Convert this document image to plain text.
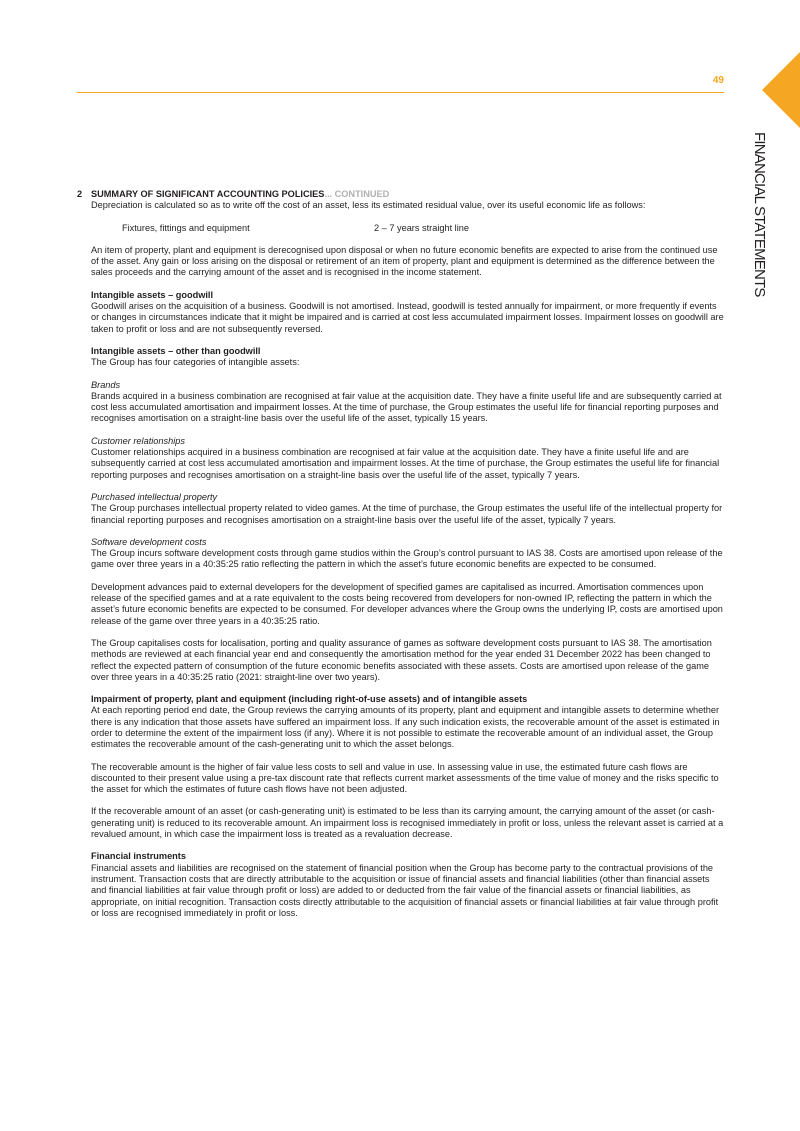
49
FINANCIAL STATEMENTS
2 SUMMARY OF SIGNIFICANT ACCOUNTING POLICIES... CONTINUED

Depreciation is calculated so as to write off the cost of an asset, less its estimated residual value, over its useful economic life as follows:

Fixtures, fittings and equipment	2 – 7 years straight line

An item of property, plant and equipment is derecognised upon disposal or when no future economic benefits are expected to arise from the continued use of the asset. Any gain or loss arising on the disposal or retirement of an item of property, plant and equipment is determined as the difference between the sales proceeds and the carrying amount of the asset and is recognised in the income statement.

Intangible assets – goodwill

Goodwill arises on the acquisition of a business. Goodwill is not amortised. Instead, goodwill is tested annually for impairment, or more frequently if events or changes in circumstances indicate that it might be impaired and is carried at cost less accumulated impairment losses. Impairment losses on goodwill are taken to profit or loss and are not subsequently reversed.

Intangible assets – other than goodwill

The Group has four categories of intangible assets:

Brands

Brands acquired in a business combination are recognised at fair value at the acquisition date. They have a finite useful life and are subsequently carried at cost less accumulated amortisation and impairment losses. At the time of purchase, the Group estimates the useful life for financial reporting purposes and recognises amortisation on a straight-line basis over the useful life of the asset, typically 15 years.

Customer relationships

Customer relationships acquired in a business combination are recognised at fair value at the acquisition date. They have a finite useful life and are subsequently carried at cost less accumulated amortisation and impairment losses. At the time of purchase, the Group estimates the useful life for financial reporting purposes and recognises amortisation on a straight-line basis over the useful life of the asset, typically 7 years.

Purchased intellectual property

The Group purchases intellectual property related to video games. At the time of purchase, the Group estimates the useful life of the intellectual property for financial reporting purposes and recognises amortisation on a straight-line basis over the useful life of the asset, typically 7 years.

Software development costs

The Group incurs software development costs through game studios within the Group’s control pursuant to IAS 38. Costs are amortised upon release of the game over three years in a 40:35:25 ratio reflecting the pattern in which the asset’s future economic benefits are expected to be consumed.

Development advances paid to external developers for the development of specified games are capitalised as incurred. Amortisation commences upon release of the specified games and at a rate equivalent to the costs being recovered from developers for non-owned IP, reflecting the pattern in which the asset’s future economic benefits are expected to be consumed. For developer advances where the Group owns the underlying IP, costs are amortised upon release of the game over three years in a 40:35:25 ratio.

The Group capitalises costs for localisation, porting and quality assurance of games as software development costs pursuant to IAS 38. The amortisation methods are reviewed at each financial year end and consequently the amortisation method for the year ended 31 December 2022 has been changed to reflect the expected pattern of consumption of the future economic benefits associated with these assets. Costs are amortised upon release of the game over three years in a 40:35:25 ratio (2021: straight-line over two years).

Impairment of property, plant and equipment (including right-of-use assets) and of intangible assets

At each reporting period end date, the Group reviews the carrying amounts of its property, plant and equipment and intangible assets to determine whether there is any indication that those assets have suffered an impairment loss. If any such indication exists, the recoverable amount of the asset is estimated in order to determine the extent of the impairment loss (if any). Where it is not possible to estimate the recoverable amount of an individual asset, the Group estimates the recoverable amount of the cash-generating unit to which the asset belongs.

The recoverable amount is the higher of fair value less costs to sell and value in use. In assessing value in use, the estimated future cash flows are discounted to their present value using a pre-tax discount rate that reflects current market assessments of the time value of money and the risks specific to the asset for which the estimates of future cash flows have not been adjusted.

If the recoverable amount of an asset (or cash-generating unit) is estimated to be less than its carrying amount, the carrying amount of the asset (or cash-generating unit) is reduced to its recoverable amount. An impairment loss is recognised immediately in profit or loss, unless the relevant asset is carried at a revalued amount, in which case the impairment loss is treated as a revaluation decrease.

Financial instruments

Financial assets and liabilities are recognised on the statement of financial position when the Group has become party to the contractual provisions of the instrument. Transaction costs that are directly attributable to the acquisition or issue of financial assets and financial liabilities (other than financial assets and financial liabilities at fair value through profit or loss) are added to or deducted from the fair value of the financial assets or financial liabilities, as appropriate, on initial recognition. Transaction costs directly attributable to the acquisition of financial assets or financial liabilities at fair value through profit or loss are recognised immediately in profit or loss.
